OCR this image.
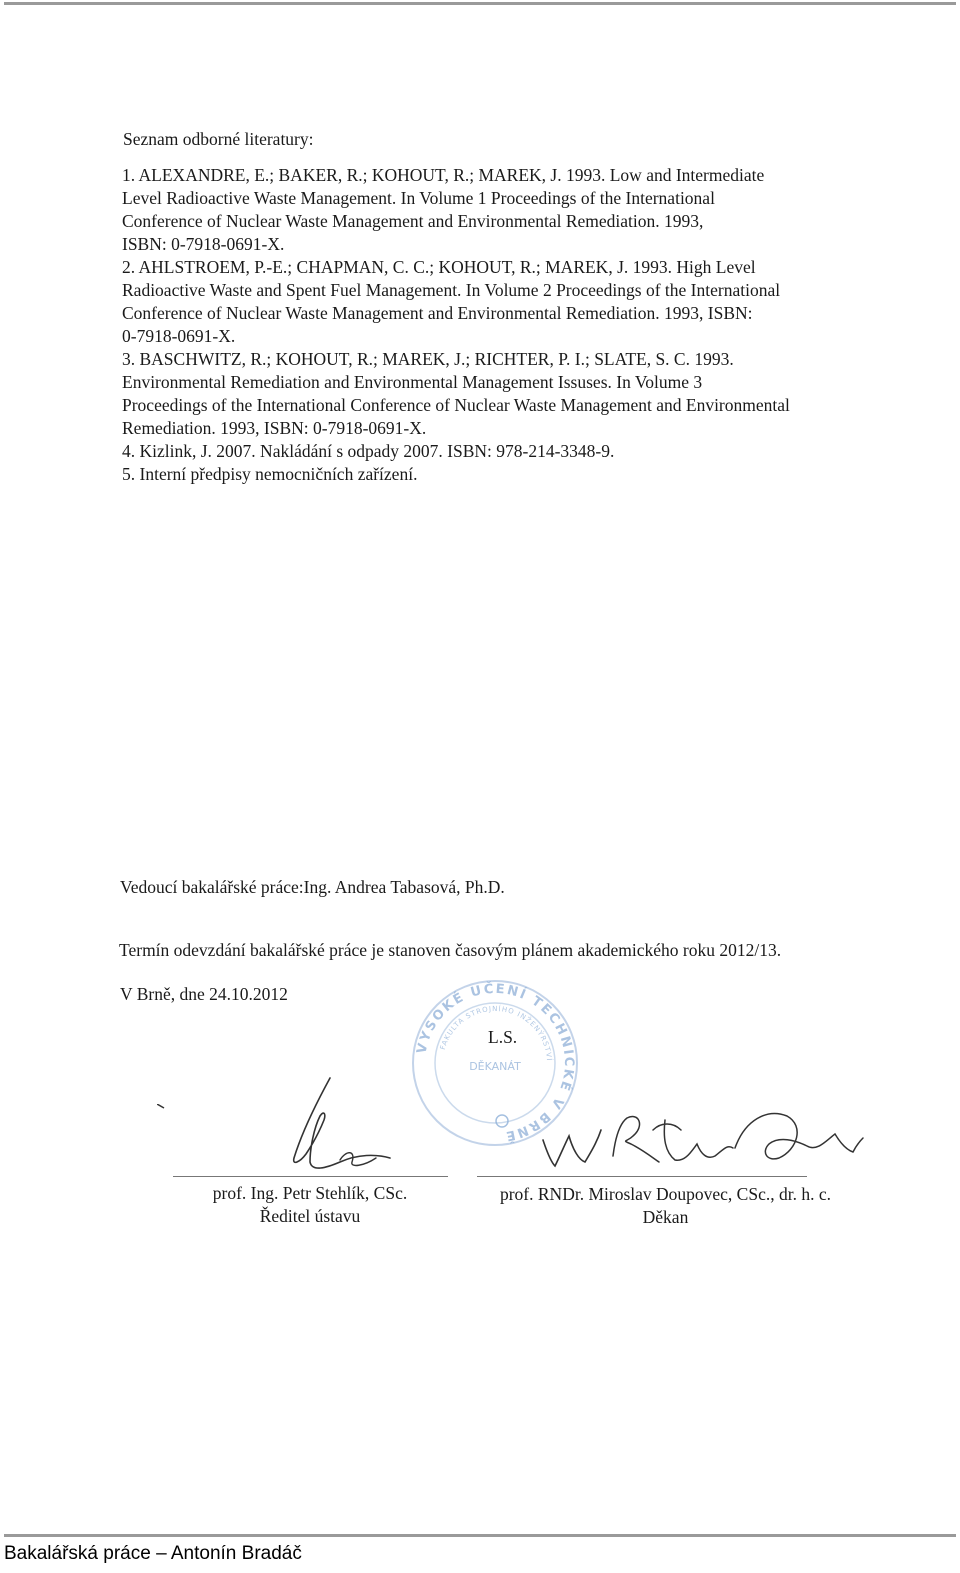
Seznam odborné literatury:
1. ALEXANDRE, E.; BAKER, R.; KOHOUT, R.; MAREK, J. 1993. Low and Intermediate
Level Radioactive Waste Management. In Volume 1 Proceedings of the International
Conference of Nuclear Waste Management and Environmental Remediation. 1993,
ISBN: 0-7918-0691-X.
2. AHLSTROEM, P.-E.; CHAPMAN, C. C.; KOHOUT, R.; MAREK, J. 1993. High Level
Radioactive Waste and Spent Fuel Management. In Volume 2 Proceedings of the International
Conference of Nuclear Waste Management and Environmental Remediation. 1993, ISBN:
0-7918-0691-X.
3. BASCHWITZ, R.; KOHOUT, R.; MAREK, J.; RICHTER, P. I.; SLATE, S. C. 1993.
Environmental Remediation and Environmental Management Issuses. In Volume 3
Proceedings of the International Conference of Nuclear Waste Management and Environmental
Remediation. 1993, ISBN: 0-7918-0691-X.
4. Kizlink, J. 2007. Nakládání s odpady 2007. ISBN: 978-214-3348-9.
5. Interní předpisy nemocničních zařízení.
Vedoucí bakalářské práce:Ing. Andrea Tabasová, Ph.D.
Termín odevzdání bakalářské práce je stanoven časovým plánem akademického roku 2012/13.
V Brně, dne 24.10.2012
VYSOKÉ UČENÍ TECHNICKÉ V BRNĚ
FAKULTA STROJNÍHO INŽENÝRSTVÍ
DĚKANÁT
L.S.
prof. Ing. Petr Stehlík, CSc.
Ředitel ústavu
prof. RNDr. Miroslav Doupovec, CSc., dr. h. c.
Děkan
Bakalářská práce – Antonín Bradáč
